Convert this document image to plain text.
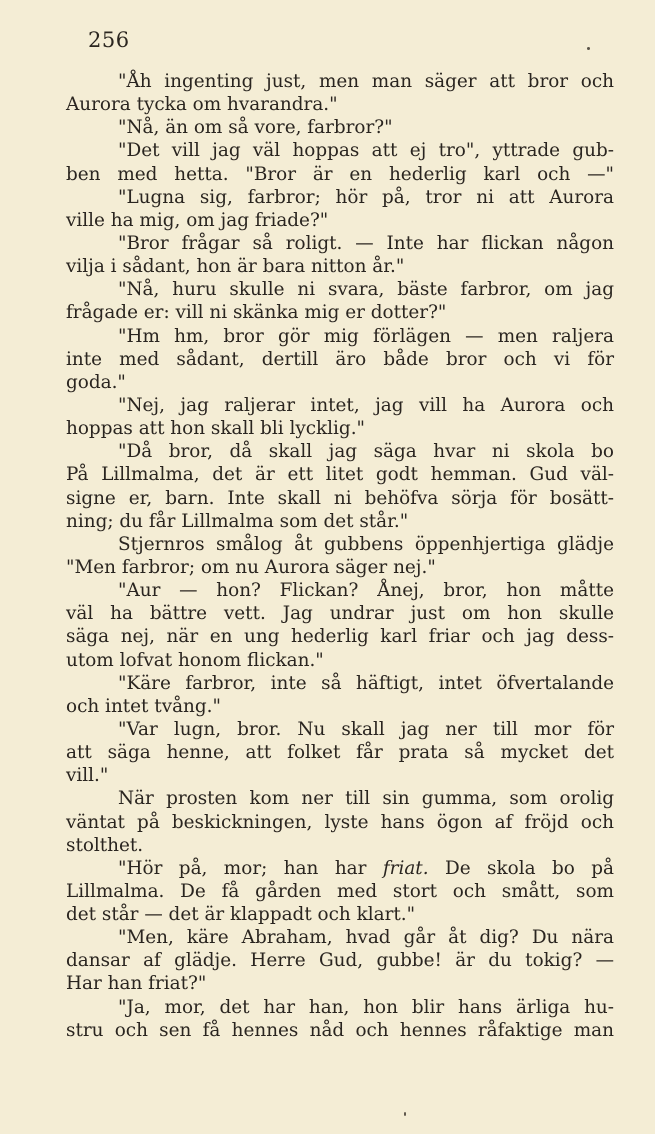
256
"Åh ingenting just, men man säger att bror och
Aurora tycka om hvarandra."
"Nå, än om så vore, farbror?"
"Det vill jag väl hoppas att ej tro", yttrade gub-
ben med hetta. "Bror är en hederlig karl och —"
"Lugna sig, farbror; hör på, tror ni att Aurora
ville ha mig, om jag friade?"
"Bror frågar så roligt. — Inte har flickan någon
vilja i sådant, hon är bara nitton år."
"Nå, huru skulle ni svara, bäste farbror, om jag
frågade er: vill ni skänka mig er dotter?"
"Hm hm, bror gör mig förlägen — men raljera
inte med sådant, dertill äro både bror och vi för
goda."
"Nej, jag raljerar intet, jag vill ha Aurora och
hoppas att hon skall bli lycklig."
"Då bror, då skall jag säga hvar ni skola bo
På Lillmalma, det är ett litet godt hemman. Gud väl-
signe er, barn. Inte skall ni behöfva sörja för bosätt-
ning; du får Lillmalma som det står."
Stjernros smålog åt gubbens öppenhjertiga glädje
"Men farbror; om nu Aurora säger nej."
"Aur — hon? Flickan? Ånej, bror, hon måtte
väl ha bättre vett. Jag undrar just om hon skulle
säga nej, när en ung hederlig karl friar och jag dess-
utom lofvat honom flickan."
"Käre farbror, inte så häftigt, intet öfvertalande
och intet tvång."
"Var lugn, bror. Nu skall jag ner till mor för
att säga henne, att folket får prata så mycket det
vill."
När prosten kom ner till sin gumma, som orolig
väntat på beskickningen, lyste hans ögon af fröjd och
stolthet.
"Hör på, mor; han har friat. De skola bo på
Lillmalma. De få gården med stort och smått, som
det står — det är klappadt och klart."
"Men, käre Abraham, hvad går åt dig? Du nära
dansar af glädje. Herre Gud, gubbe! är du tokig? —
Har han friat?"
"Ja, mor, det har han, hon blir hans ärliga hu-
stru och sen få hennes nåd och hennes råfaktige man
